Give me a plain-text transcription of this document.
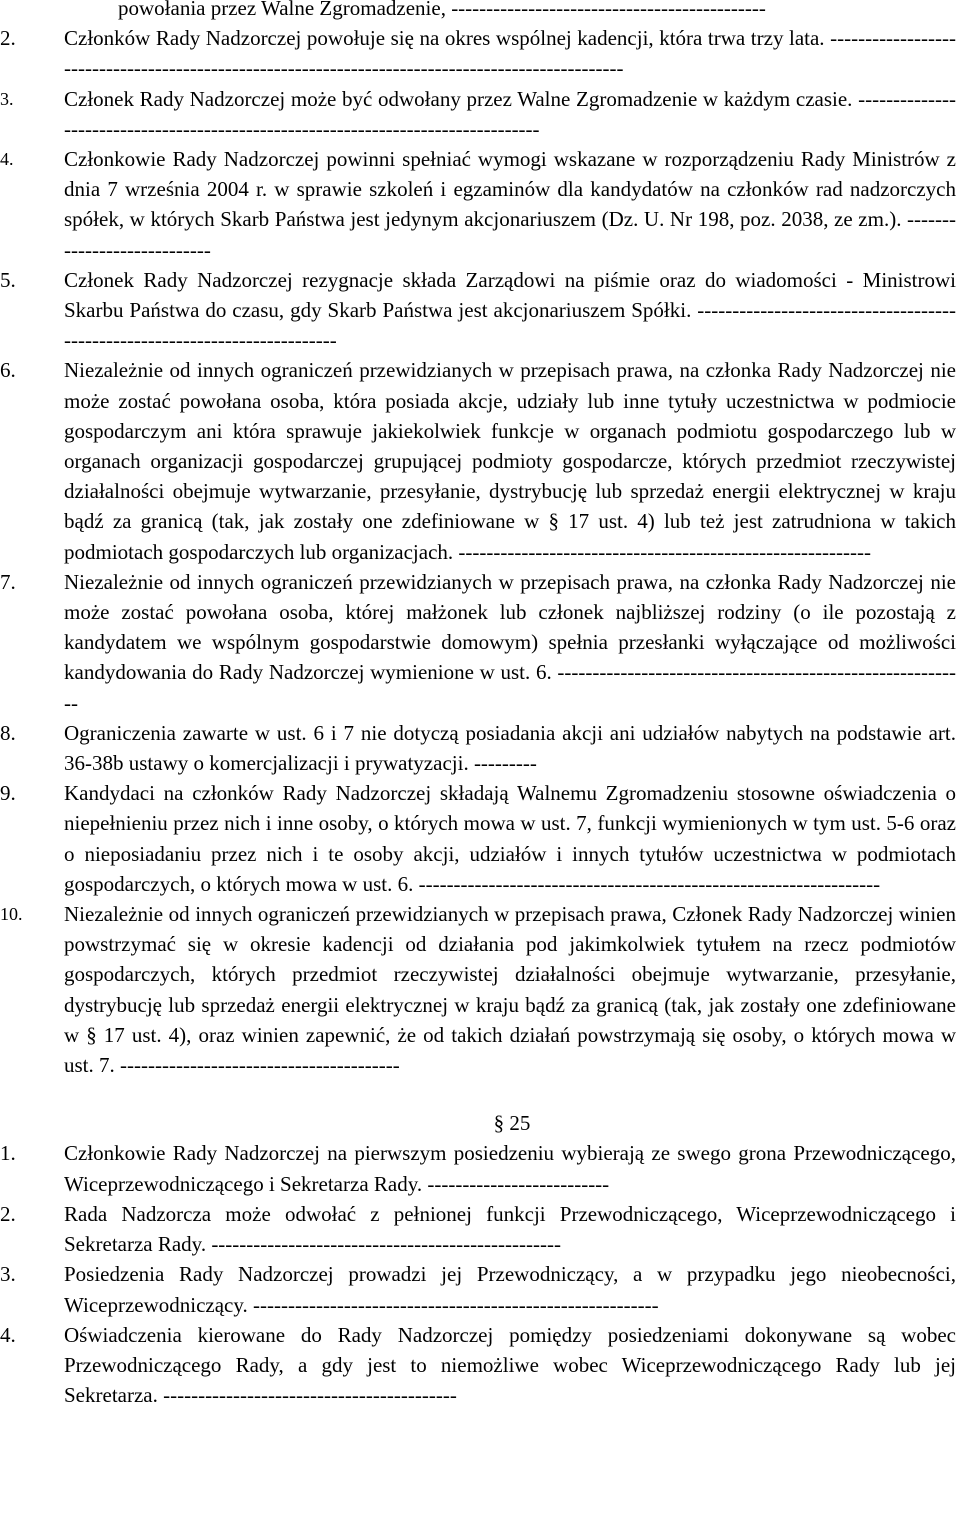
powołania przez Walne Zgromadzenie, ---------------------------------------------
2. Członków Rady Nadzorczej powołuje się na okres wspólnej kadencji, która trwa trzy lata. --------------------------------------------------------------------------------------------------
3. Członek Rady Nadzorczej może być odwołany przez Walne Zgromadzenie w każdym czasie. ----------------------------------------------------------------------------------
4. Członkowie Rady Nadzorczej powinni spełniać wymogi wskazane w rozporządzeniu Rady Ministrów z dnia 7 września 2004 r. w sprawie szkoleń i egzaminów dla kandydatów na członków rad nadzorczych spółek, w których Skarb Państwa jest jedynym akcjonariuszem (Dz. U. Nr 198, poz. 2038, ze zm.). ----------------------------
5. Członek Rady Nadzorczej rezygnacje składa Zarządowi na piśmie oraz do wiadomości - Ministrowi Skarbu Państwa do czasu, gdy Skarb Państwa jest akcjonariuszem Spółki. ----------------------------------------------------------------------------
6. Niezależnie od innych ograniczeń przewidzianych w przepisach prawa, na członka Rady Nadzorczej nie może zostać powołana osoba, która posiada akcje, udziały lub inne tytuły uczestnictwa w podmiocie gospodarczym ani która sprawuje jakiekolwiek funkcje w organach podmiotu gospodarczego lub w organach organizacji gospodarczej grupującej podmioty gospodarcze, których przedmiot rzeczywistej działalności obejmuje wytwarzanie, przesyłanie, dystrybucję lub sprzedaż energii elektrycznej w kraju bądź za granicą (tak, jak zostały one zdefiniowane w § 17 ust. 4) lub też jest zatrudniona w takich podmiotach gospodarczych lub organizacjach. -----------------------------------------------------------
7. Niezależnie od innych ograniczeń przewidzianych w przepisach prawa, na członka Rady Nadzorczej nie może zostać powołana osoba, której małżonek lub członek najbliższej rodziny (o ile pozostają z kandydatem we wspólnym gospodarstwie domowym) spełnia przesłanki wyłączające od możliwości kandydowania do Rady Nadzorczej wymienione w ust. 6. -----------------------------------------------------------
8. Ograniczenia zawarte w ust. 6 i 7 nie dotyczą posiadania akcji ani udziałów nabytych na podstawie art. 36-38b ustawy o komercjalizacji i prywatyzacji. ---------
9. Kandydaci na członków Rady Nadzorczej składają Walnemu Zgromadzeniu stosowne oświadczenia o niepełnieniu przez nich i inne osoby, o których mowa w ust. 7, funkcji wymienionych w tym ust. 5-6 oraz o nieposiadaniu przez nich i te osoby akcji, udziałów i innych tytułów uczestnictwa w podmiotach gospodarczych, o których mowa w ust. 6. ------------------------------------------------------------------
10. Niezależnie od innych ograniczeń przewidzianych w przepisach prawa, Członek Rady Nadzorczej winien powstrzymać się w okresie kadencji od działania pod jakimkolwiek tytułem na rzecz podmiotów gospodarczych, których przedmiot rzeczywistej działalności obejmuje wytwarzanie, przesyłanie, dystrybucję lub sprzedaż energii elektrycznej w kraju bądź za granicą (tak, jak zostały one zdefiniowane w § 17 ust. 4), oraz winien zapewnić, że od takich działań powstrzymają się osoby, o których mowa w ust. 7. ----------------------------------------
§ 25
1. Członkowie Rady Nadzorczej na pierwszym posiedzeniu wybierają ze swego grona Przewodniczącego, Wiceprzewodniczącego i Sekretarza Rady. --------------------------
2. Rada Nadzorcza może odwołać z pełnionej funkcji Przewodniczącego, Wiceprzewodniczącego i Sekretarza Rady. --------------------------------------------------
3. Posiedzenia Rady Nadzorczej prowadzi jej Przewodniczący, a w przypadku jego nieobecności, Wiceprzewodniczący. ----------------------------------------------------------
4. Oświadczenia kierowane do Rady Nadzorczej pomiędzy posiedzeniami dokonywane są wobec Przewodniczącego Rady, a gdy jest to niemożliwe wobec Wiceprzewodniczącego Rady lub jej Sekretarza. ------------------------------------------
